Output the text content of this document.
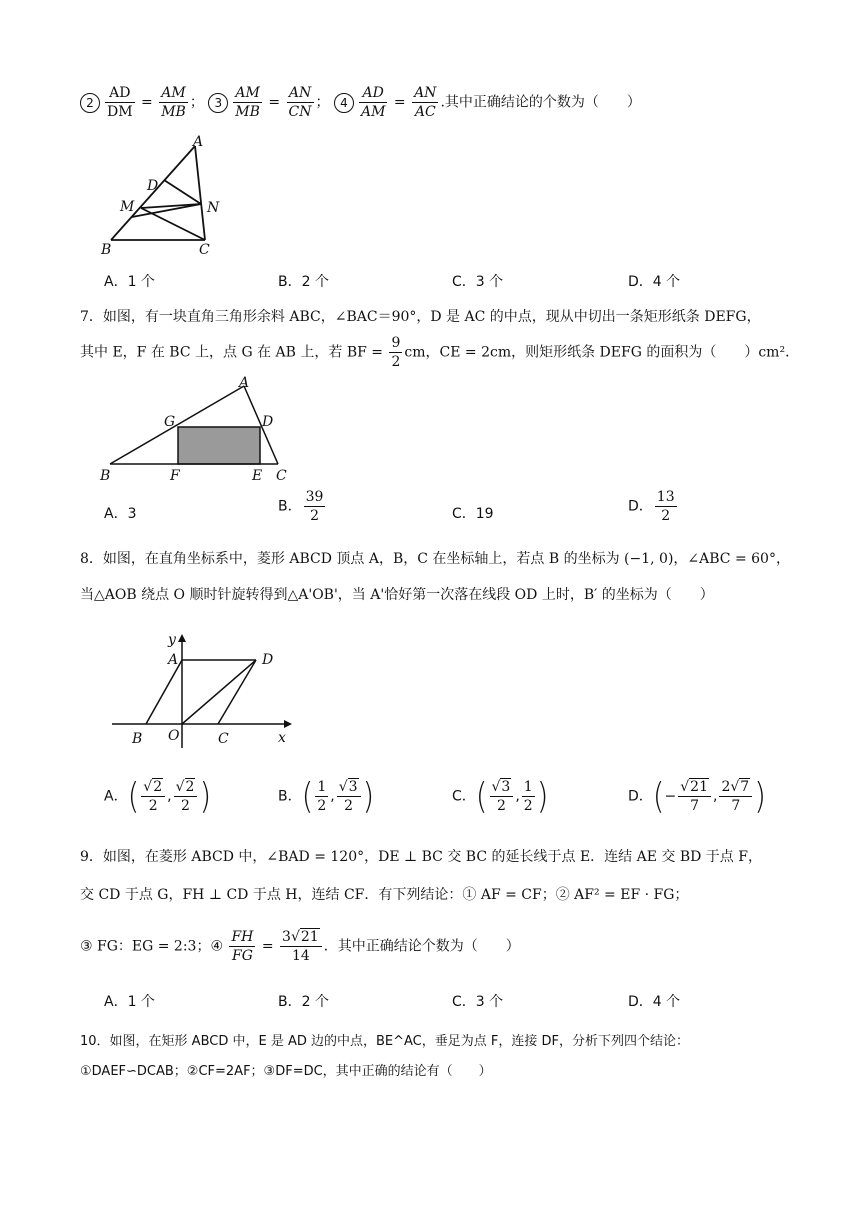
$2 \frac{AD}{DM} = \frac{AM}{MB}$ ； $3 \frac{AM}{MB} = \frac{AN}{CN}$ ； $4 \frac{AD}{AM} = \frac{AN}{AC}$ .其中正确结论的个数为（　　）
A
D
M	N
B	C
A．1 个	B．2 个	C．3 个	D．4 个
7．如图，有一块直角三角形余料 ABC，∠BAC＝90°，D 是 AC 的中点，现从中切出一条矩形纸条 DEFG，
其中 E，F 在 BC 上，点 G 在 AB 上，若 BF = $\frac{9}{2}$ cm，CE = 2cm，则矩形纸条 DEFG 的面积为（　　）cm²．
A
G	D
B	F	E C
A．3	B． $\frac{39}{2}$	C．19	D． $\frac{13}{2}$
8．如图，在直角坐标系中，菱形 ABCD 顶点 A，B，C 在坐标轴上，若点 B 的坐标为 (−1, 0)，∠ABC = 60°，
当△AOB 绕点 O 顺时针旋转得到△A'OB'，当 A'恰好第一次落在线段 OD 上时，B′ 的坐标为（　　）
y
A	D
B O	C	x
A．( $\frac{√2}{2}$ , $\frac{√2}{2}$ )	B．( $\frac{1}{2}$ , $\frac{√3}{2}$ )	C．( $\frac{√3}{2}$ , $\frac{1}{2}$ )	D．(− $\frac{√21}{7}$ , $\frac{2√7}{7}$ )
9．如图，在菱形 ABCD 中，∠BAD = 120°，DE ⊥ BC 交 BC 的延长线于点 E．连结 AE 交 BD 于点 F，
交 CD 于点 G，FH ⊥ CD 于点 H，连结 CF．有下列结论：① AF = CF；② AF² = EF · FG；
③ FG：EG = 2:3；④ $\frac{FH}{FG} = \frac{3√21}{14}$ ．其中正确结论个数为（　　）
A．1 个	B．2 个	C．3 个	D．4 个
10．如图，在矩形 ABCD 中，E 是 AD 边的中点，BE^AC，垂足为点 F，连接 DF，分析下列四个结论：
①DAEF∽DCAB；②CF=2AF；③DF=DC，其中正确的结论有（　　）
